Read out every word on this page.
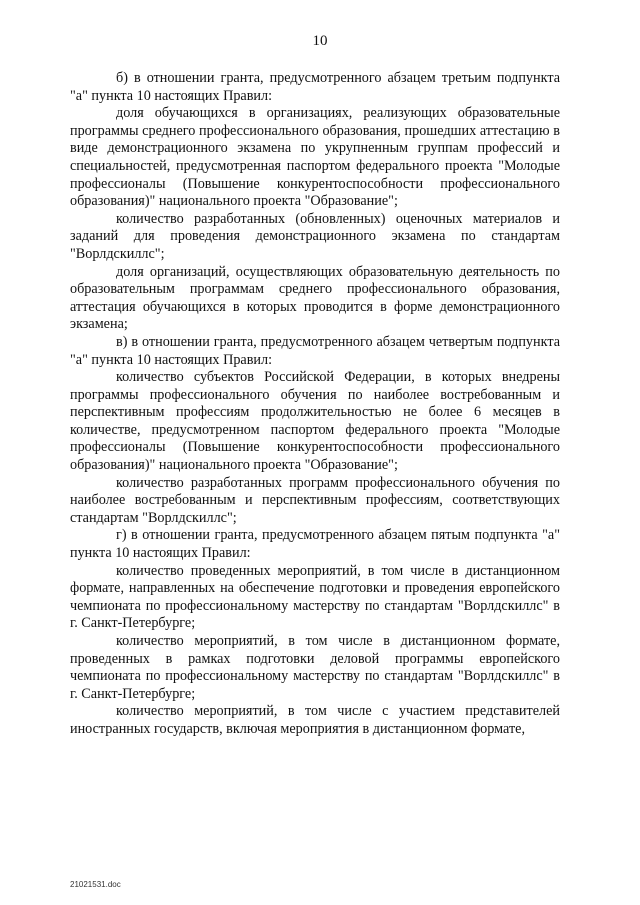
10

б) в отношении гранта, предусмотренного абзацем третьим подпункта "а" пункта 10 настоящих Правил:

доля обучающихся в организациях, реализующих образовательные программы среднего профессионального образования, прошедших аттестацию в виде демонстрационного экзамена по укрупненным группам профессий и специальностей, предусмотренная паспортом федерального проекта "Молодые профессионалы (Повышение конкурентоспособности профессионального образования)" национального проекта "Образование";

количество разработанных (обновленных) оценочных материалов и заданий для проведения демонстрационного экзамена по стандартам "Ворлдскиллс";

доля организаций, осуществляющих образовательную деятельность по образовательным программам среднего профессионального образования, аттестация обучающихся в которых проводится в форме демонстрационного экзамена;

в) в отношении гранта, предусмотренного абзацем четвертым подпункта "а" пункта 10 настоящих Правил:

количество субъектов Российской Федерации, в которых внедрены программы профессионального обучения по наиболее востребованным и перспективным профессиям продолжительностью не более 6 месяцев в количестве, предусмотренном паспортом федерального проекта "Молодые профессионалы (Повышение конкурентоспособности профессионального образования)" национального проекта "Образование";

количество разработанных программ профессионального обучения по наиболее востребованным и перспективным профессиям, соответствующих стандартам "Ворлдскиллс";

г) в отношении гранта, предусмотренного абзацем пятым подпункта "а" пункта 10 настоящих Правил:

количество проведенных мероприятий, в том числе в дистанционном формате, направленных на обеспечение подготовки и проведения европейского чемпионата по профессиональному мастерству по стандартам "Ворлдскиллс" в г. Санкт-Петербурге;

количество мероприятий, в том числе в дистанционном формате, проведенных в рамках подготовки деловой программы европейского чемпионата по профессиональному мастерству по стандартам "Ворлдскиллс" в г. Санкт-Петербурге;

количество мероприятий, в том числе с участием представителей иностранных государств, включая мероприятия в дистанционном формате,

21021531.doc
